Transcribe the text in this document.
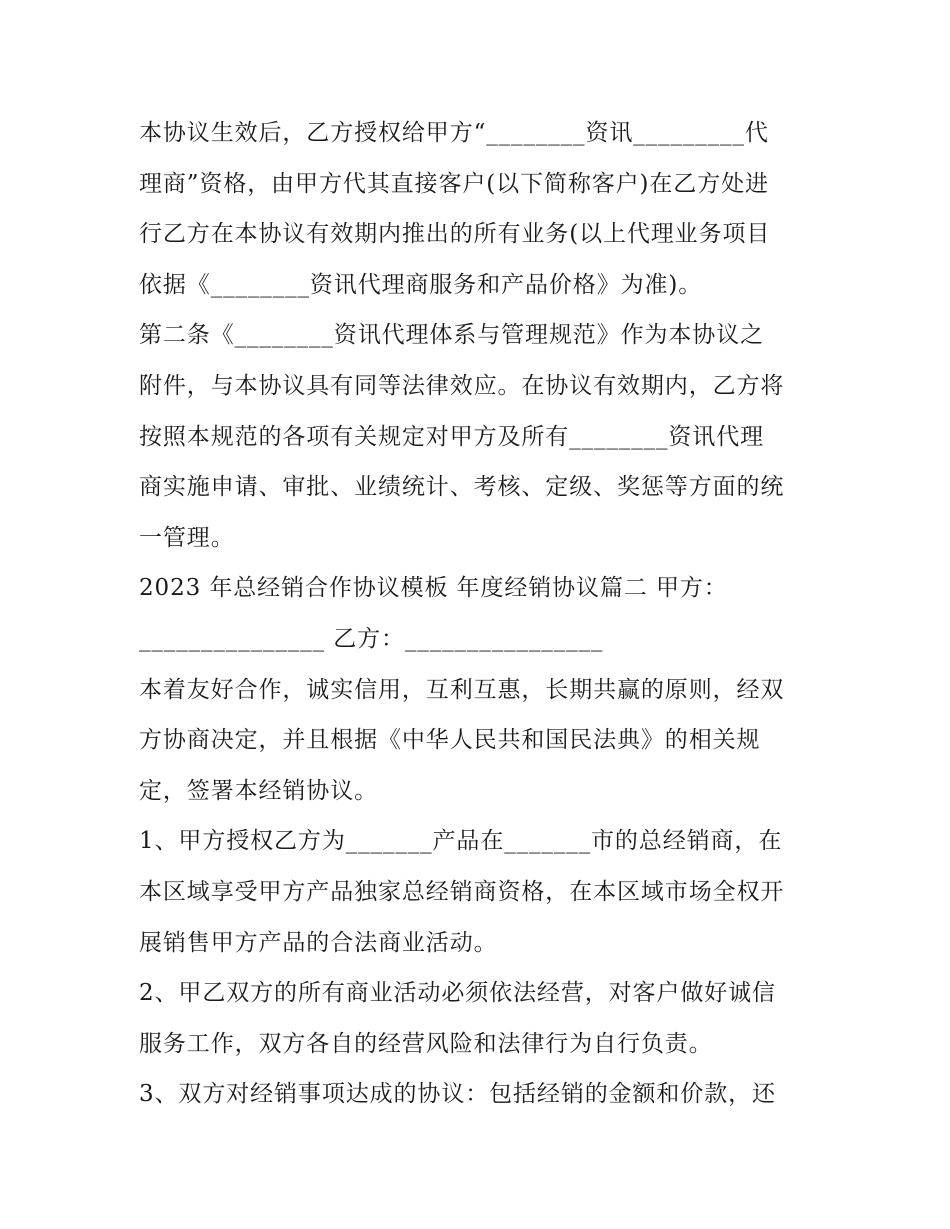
本协议生效后，乙方授权给甲方“________资讯_________代
理商”资格，由甲方代其直接客户(以下简称客户)在乙方处进
行乙方在本协议有效期内推出的所有业务(以上代理业务项目
依据《________资讯代理商服务和产品价格》为准)。
第二条《________资讯代理体系与管理规范》作为本协议之
附件，与本协议具有同等法律效应。在协议有效期内，乙方将
按照本规范的各项有关规定对甲方及所有________资讯代理
商实施申请、审批、业绩统计、考核、定级、奖惩等方面的统
一管理。
2023 年总经销合作协议模板 年度经销协议篇二 甲方：
_______________ 乙方：________________
本着友好合作，诚实信用，互利互惠，长期共赢的原则，经双
方协商决定，并且根据《中华人民共和国民法典》的相关规
定，签署本经销协议。
1、甲方授权乙方为_______产品在_______市的总经销商，在
本区域享受甲方产品独家总经销商资格，在本区域市场全权开
展销售甲方产品的合法商业活动。
2、甲乙双方的所有商业活动必须依法经营，对客户做好诚信
服务工作，双方各自的经营风险和法律行为自行负责。
3、双方对经销事项达成的协议：包括经销的金额和价款，还
